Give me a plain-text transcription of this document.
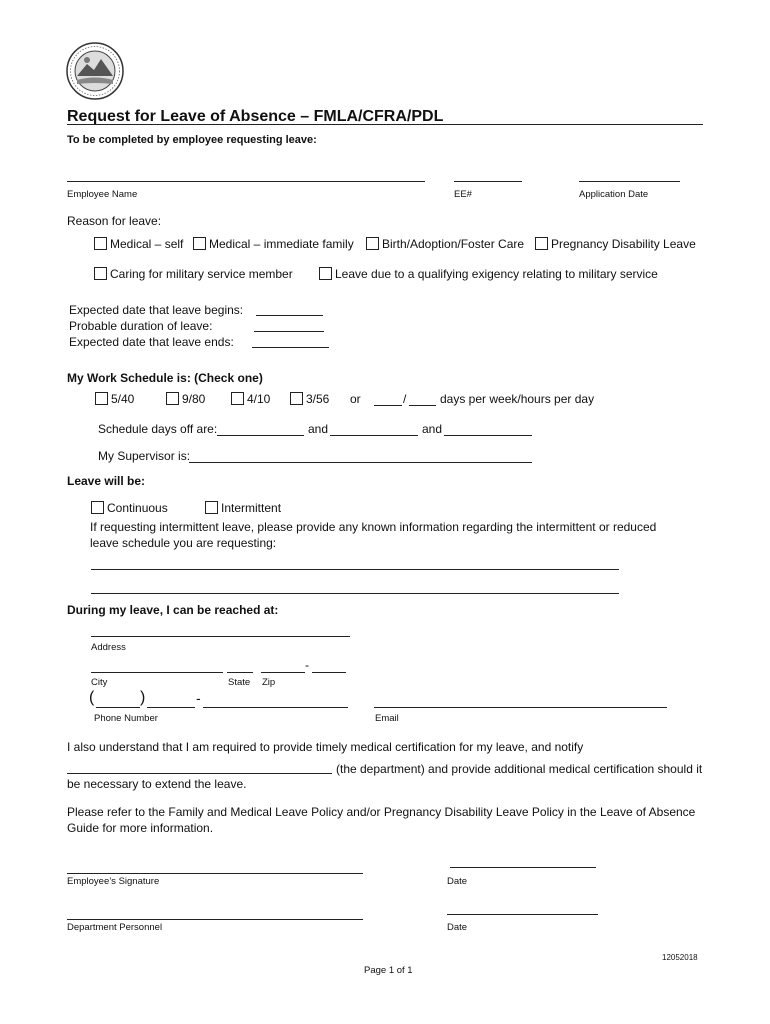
Request for Leave of Absence – FMLA/CFRA/PDL
To be completed by employee requesting leave:
Employee Name	EE#	Application Date
Reason for leave:
Medical – self	Medical – immediate family	Birth/Adoption/Foster Care	Pregnancy Disability Leave
Caring for military service member	Leave due to a qualifying exigency relating to military service
Expected date that leave begins:
Probable duration of leave:
Expected date that leave ends:
My Work Schedule is: (Check one)
5/40	9/80	4/10	3/56 or	/	days per week/hours per day
Schedule days off are:	and	and
My Supervisor is:
Leave will be:
Continuous	Intermittent
If requesting intermittent leave, please provide any known information regarding the intermittent or reduced
leave schedule you are requesting:
During my leave, I can be reached at:
Address
-
City	State Zip
(	)	-
Phone Number	Email
I also understand that I am required to provide timely medical certification for my leave, and notify
(the department) and provide additional medical certification should it
be necessary to extend the leave.
Please refer to the Family and Medical Leave Policy and/or Pregnancy Disability Leave Policy in the Leave of Absence
Guide for more information.
Employee’s Signature	Date
Department Personnel	Date
12052018
Page 1 of 1
